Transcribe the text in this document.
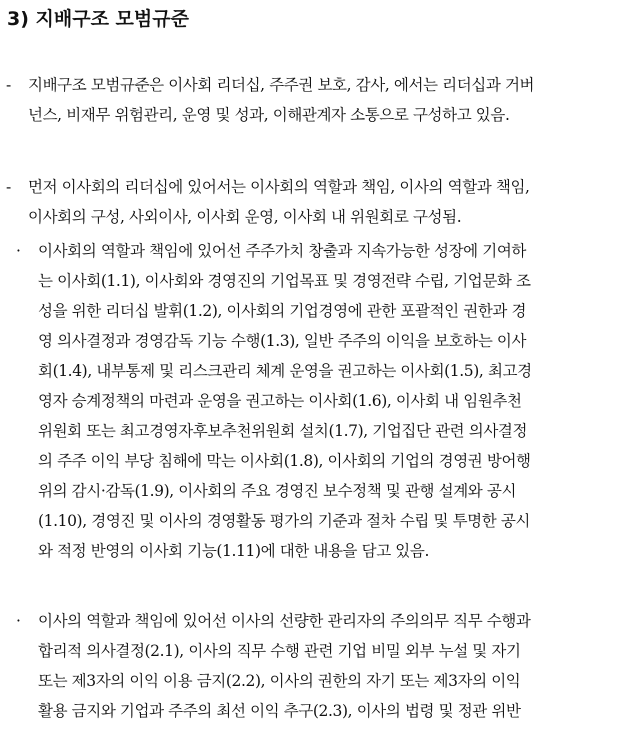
3) 지배구조 모범규준
-	지배구조 모범규준은 이사회 리더십, 주주권 보호, 감사, 에서는 리더십과 거버
넌스, 비재무 위험관리, 운영 및 성과, 이해관계자 소통으로 구성하고 있음.
-	먼저 이사회의 리더십에 있어서는 이사회의 역할과 책임, 이사의 역할과 책임,
이사회의 구성, 사외이사, 이사회 운영, 이사회 내 위원회로 구성됨.
·	이사회의 역할과 책임에 있어선 주주가치 창출과 지속가능한 성장에 기여하
는 이사회(1.1), 이사회와 경영진의 기업목표 및 경영전략 수립, 기업문화 조
성을 위한 리더십 발휘(1.2), 이사회의 기업경영에 관한 포괄적인 권한과 경
영 의사결정과 경영감독 기능 수행(1.3), 일반 주주의 이익을 보호하는 이사
회(1.4), 내부통제 및 리스크관리 체계 운영을 권고하는 이사회(1.5), 최고경
영자 승계정책의 마련과 운영을 권고하는 이사회(1.6), 이사회 내 임원추천
위원회 또는 최고경영자후보추천위원회 설치(1.7), 기업집단 관련 의사결정
의 주주 이익 부당 침해에 막는 이사회(1.8), 이사회의 기업의 경영권 방어행
위의 감시·감독(1.9), 이사회의 주요 경영진 보수정책 및 관행 설계와 공시
(1.10), 경영진 및 이사의 경영활동 평가의 기준과 절차 수립 및 투명한 공시
와 적정 반영의 이사회 기능(1.11)에 대한 내용을 담고 있음.
·	이사의 역할과 책임에 있어선 이사의 선량한 관리자의 주의의무 직무 수행과
합리적 의사결정(2.1), 이사의 직무 수행 관련 기업 비밀 외부 누설 및 자기
또는 제3자의 이익 이용 금지(2.2), 이사의 권한의 자기 또는 제3자의 이익
활용 금지와 기업과 주주의 최선 이익 추구(2.3), 이사의 법령 및 정관 위반
